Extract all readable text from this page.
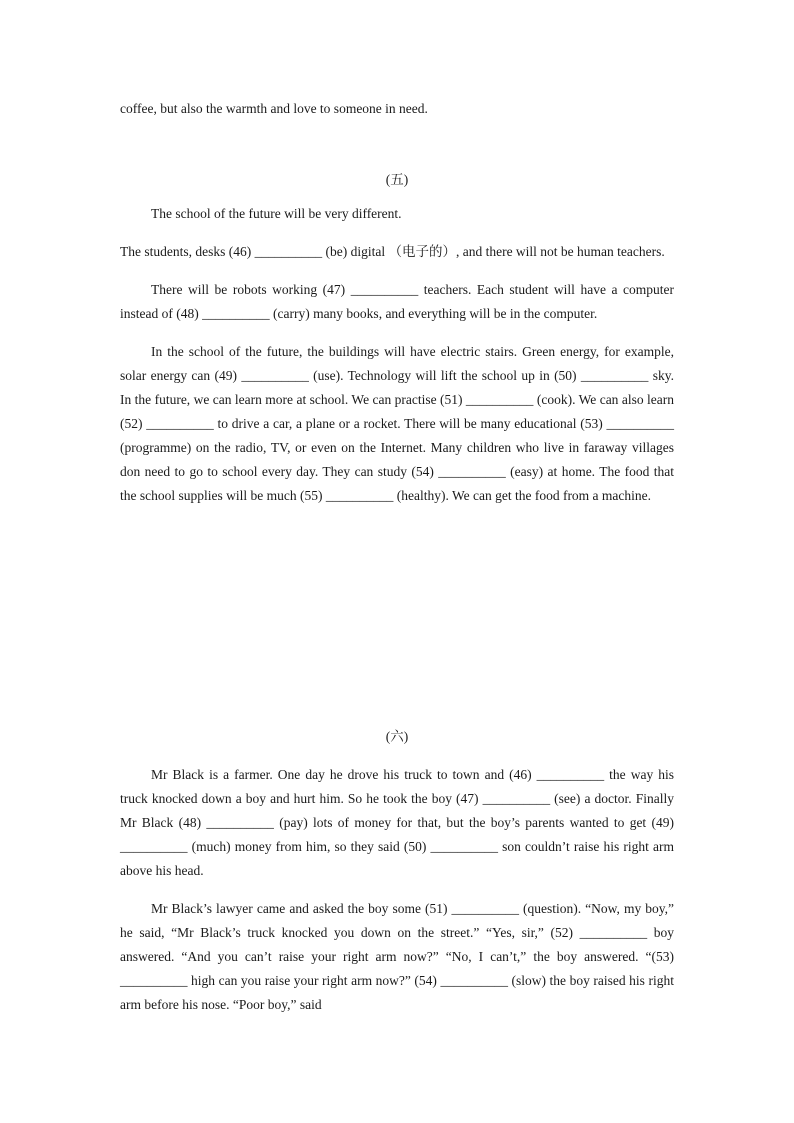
coffee, but also the warmth and love to someone in need.

(五)

The school of the future will be very different.

The students, desks (46) __________ (be) digital （电子的）, and there will not be human teachers.

There will be robots working (47) __________ teachers. Each student will have a computer instead of (48) __________ (carry) many books, and everything will be in the computer.

In the school of the future, the buildings will have electric stairs. Green energy, for example, solar energy can (49) __________ (use). Technology will lift the school up in (50) __________ sky. In the future, we can learn more at school. We can practise (51) __________ (cook). We can also learn (52) __________ to drive a car, a plane or a rocket. There will be many educational (53) __________ (programme) on the radio, TV, or even on the Internet. Many children who live in faraway villages don need to go to school every day. They can study (54) __________ (easy) at home. The food that the school supplies will be much (55) __________ (healthy). We can get the food from a machine.

(六)

Mr Black is a farmer. One day he drove his truck to town and (46) __________ the way his truck knocked down a boy and hurt him. So he took the boy (47) __________ (see) a doctor. Finally Mr Black (48) __________ (pay) lots of money for that, but the boy’s parents wanted to get (49) __________ (much) money from him, so they said (50) __________ son couldn’t raise his right arm above his head.

Mr Black’s lawyer came and asked the boy some (51) __________ (question). “Now, my boy,” he said, “Mr Black’s truck knocked you down on the street.” “Yes, sir,” (52) __________ boy answered. “And you can’t raise your right arm now?” “No, I can’t,” the boy answered. “(53) __________ high can you raise your right arm now?” (54) __________ (slow) the boy raised his right arm before his nose. “Poor boy,” said
